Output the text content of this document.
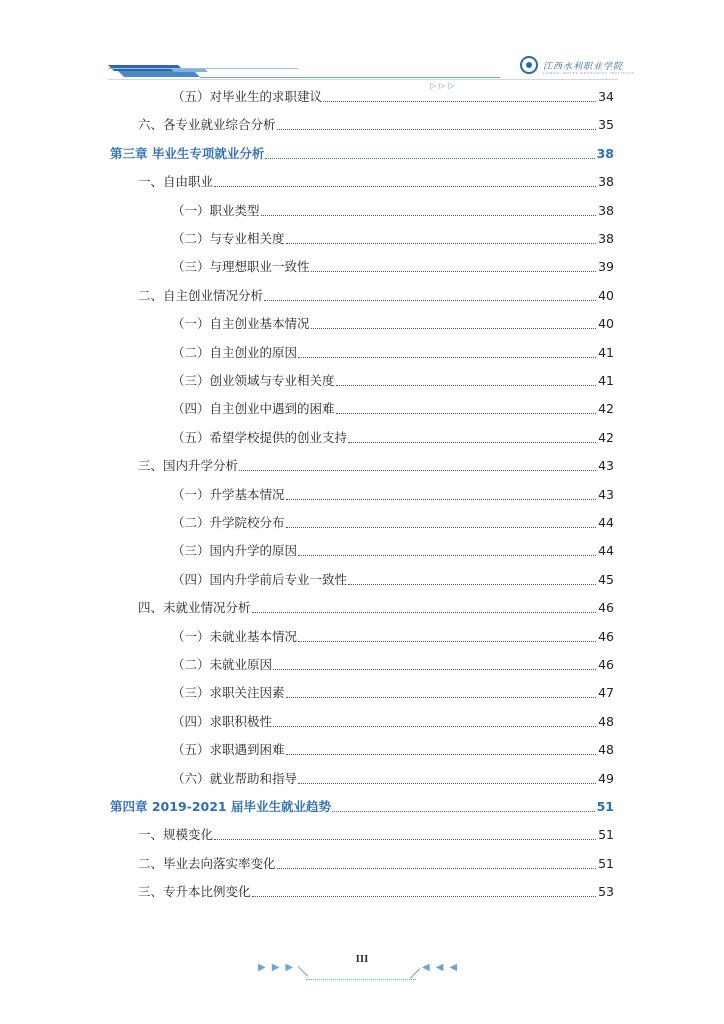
江西水利职业学院
JIANGXI WATER RESOURCES INSTITUTE
▷▷▷
（五）对毕业生的求职建议	34
六、各专业就业综合分析	35
第三章 毕业生专项就业分析	38
一、自由职业	38
（一）职业类型	38
（二）与专业相关度	38
（三）与理想职业一致性	39
二、自主创业情况分析	40
（一）自主创业基本情况	40
（二）自主创业的原因	41
（三）创业领域与专业相关度	41
（四）自主创业中遇到的困难	42
（五）希望学校提供的创业支持	42
三、国内升学分析	43
（一）升学基本情况	43
（二）升学院校分布	44
（三）国内升学的原因	44
（四）国内升学前后专业一致性	45
四、未就业情况分析	46
（一）未就业基本情况	46
（二）未就业原因	46
（三）求职关注因素	47
（四）求职积极性	48
（五）求职遇到困难	48
（六）就业帮助和指导	49
第四章 2019-2021 届毕业生就业趋势	51
一、规模变化	51
二、毕业去向落实率变化	51
三、专升本比例变化	53
▶▶▶
III
◀◀◀
